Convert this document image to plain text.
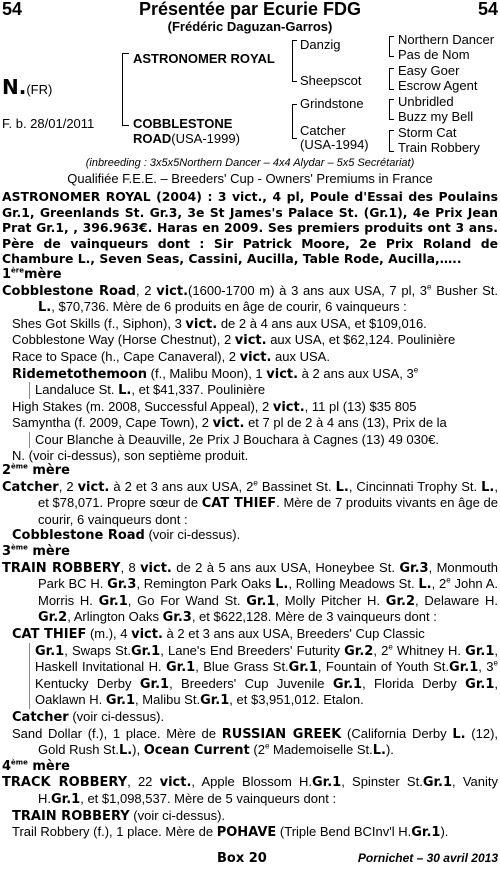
54	Présentée par Ecurie FDG	54
(Frédéric Daguzan-Garros)
N.(FR)
F. b. 28/01/2011
ASTRONOMER ROYAL
COBBLESTONE
ROAD(USA-1999)
Danzig
Sheepscot
Grindstone
Catcher
(USA-1994)
Northern Dancer
Pas de Nom
Easy Goer
Escrow Agent
Unbridled
Buzz my Bell
Storm Cat
Train Robbery
(inbreeding : 3x5x5Northern Dancer – 4x4 Alydar – 5x5 Secrétariat)
Qualifiée F.E.E. – Breeders' Cup - Owners' Premiums in France

ASTRONOMER ROYAL (2004) : 3 vict., 4 pl, Poule d'Essai des Poulains Gr.1, Greenlands St. Gr.3, 3e St James's Palace St. (Gr.1), 4e Prix Jean Prat Gr.1, , 396.963€. Haras en 2009. Ses premiers produits ont 3 ans. Père de vainqueurs dont : Sir Patrick Moore, 2e Prix Roland de Chambure L., Seven Seas, Cassini, Aucilla, Table Rode, Aucilla,…..

1èremère

Cobblestone Road, 2 vict.(1600-1700 m) à 3 ans aux USA, 7 pl, 3e Busher St. L., $70,736. Mère de 6 produits en âge de courir, 6 vainqueurs :

Shes Got Skills (f., Siphon), 3 vict. de 2 à 4 ans aux USA, et $109,016.

Cobblestone Way (Horse Chestnut), 2 vict. aux USA, et $62,124. Poulinière

Race to Space (h., Cape Canaveral), 2 vict. aux USA.

Ridemetothemoon (f., Malibu Moon), 1 vict. à 2 ans aux USA, 3e

Landaluce St. L., et $41,337. Poulinière

High Stakes (m. 2008, Successful Appeal), 2 vict., 11 pl (13) $35 805

Samyntha (f. 2009, Cape Town), 2 vict. et 7 pl de 2 à 4 ans (13), Prix de la

Cour Blanche à Deauville, 2e Prix J Bouchara à Cagnes (13) 49 030€.

N. (voir ci-dessus), son septième produit.

2ème mère

Catcher, 2 vict. à 2 et 3 ans aux USA, 2e Bassinet St. L., Cincinnati Trophy St. L., et $78,071. Propre sœur de CAT THIEF. Mère de 7 produits vivants en âge de courir, 6 vainqueurs dont :

Cobblestone Road (voir ci-dessus).

3ème mère

TRAIN ROBBERY, 8 vict. de 2 à 5 ans aux USA, Honeybee St. Gr.3, Monmouth Park BC H. Gr.3, Remington Park Oaks L., Rolling Meadows St. L., 2e John A. Morris H. Gr.1, Go For Wand St. Gr.1, Molly Pitcher H. Gr.2, Delaware H. Gr.2, Arlington Oaks Gr.3, et $622,128. Mère de 3 vainqueurs dont :

CAT THIEF (m.), 4 vict. à 2 et 3 ans aux USA, Breeders' Cup Classic

Gr.1, Swaps St.Gr.1, Lane's End Breeders' Futurity Gr.2, 2e Whitney H. Gr.1, Haskell Invitational H. Gr.1, Blue Grass St.Gr.1, Fountain of Youth St.Gr.1, 3e Kentucky Derby Gr.1, Breeders' Cup Juvenile Gr.1, Florida Derby Gr.1, Oaklawn H. Gr.1, Malibu St.Gr.1, et $3,951,012. Etalon.

Catcher (voir ci-dessus).

Sand Dollar (f.), 1 place. Mère de RUSSIAN GREEK (California Derby L. (12), Gold Rush St.L.), Ocean Current (2e Mademoiselle St.L.).

4ème mère

TRACK ROBBERY, 22 vict., Apple Blossom H.Gr.1, Spinster St.Gr.1, Vanity H.Gr.1, et $1,098,537. Mère de 5 vainqueurs dont :

TRAIN ROBBERY (voir ci-dessus).

Trail Robbery (f.), 1 place. Mère de POHAVE (Triple Bend BCInv'l H.Gr.1).

Box 20	Pornichet – 30 avril 2013
